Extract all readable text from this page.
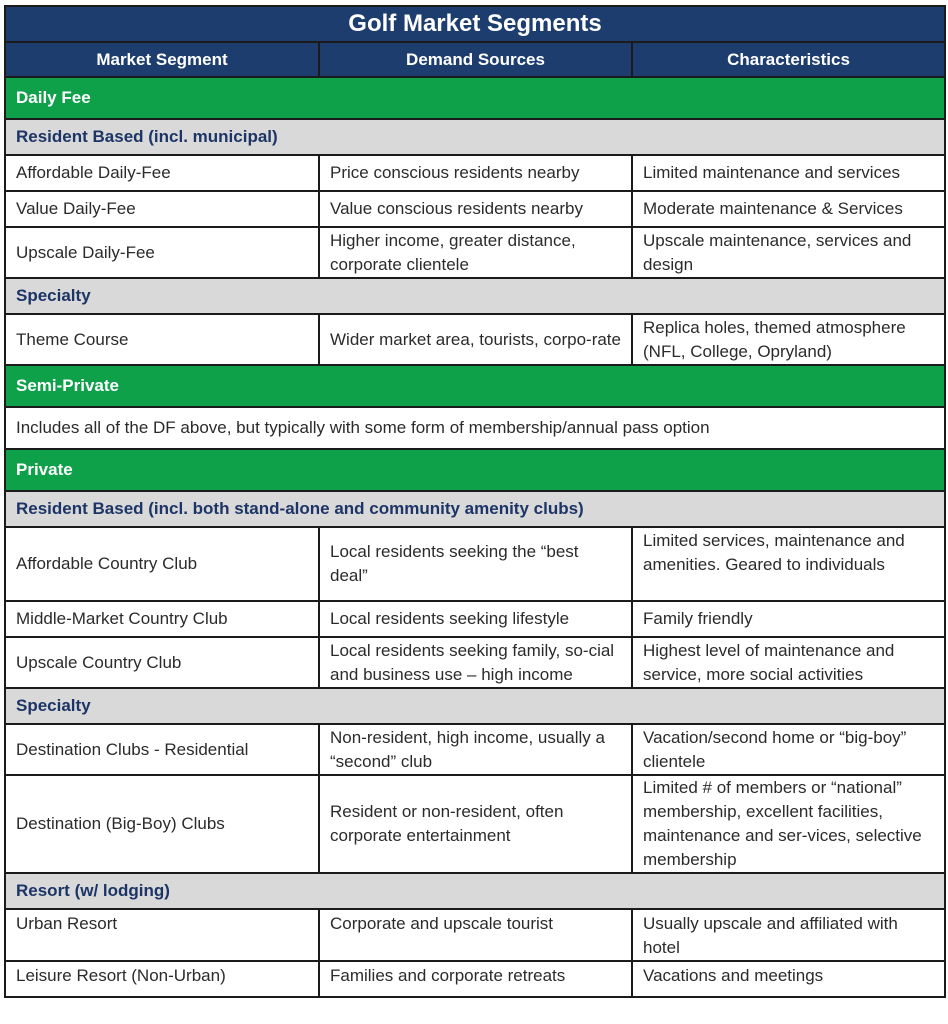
Golf Market Segments		
Market Segment	Demand Sources	Characteristics
Daily Fee		
Resident Based (incl. municipal)		
Affordable Daily-Fee	Price conscious residents nearby	Limited maintenance and services
Value Daily-Fee	Value conscious residents nearby	Moderate maintenance & Services
Upscale Daily-Fee	Higher income, greater distance, corporate clientele	Upscale maintenance, services and design
Specialty		
Theme Course	Wider market area, tourists, corpo-rate	Replica holes, themed atmosphere (NFL, College, Opryland)
Semi-Private		
Includes all of the DF above, but typically with some form of membership/annual pass option		
Private		
Resident Based (incl. both stand-alone and community amenity clubs)		
Affordable Country Club	Local residents seeking the “best deal”	Limited services, maintenance and amenities. Geared to individuals
Middle-Market Country Club	Local residents seeking lifestyle	Family friendly
Upscale Country Club	Local residents seeking family, so-cial and business use – high income	Highest level of maintenance and service, more social activities
Specialty		
Destination Clubs - Residential	Non-resident, high income, usually a “second” club	Vacation/second home or “big-boy” clientele
Destination (Big-Boy) Clubs	Resident or non-resident, often corporate entertainment	Limited # of members or “national” membership, excellent facilities, maintenance and ser-vices, selective membership
Resort (w/ lodging)		
Urban Resort	Corporate and upscale tourist	Usually upscale and affiliated with hotel
Leisure Resort (Non-Urban)	Families and corporate retreats	Vacations and meetings
